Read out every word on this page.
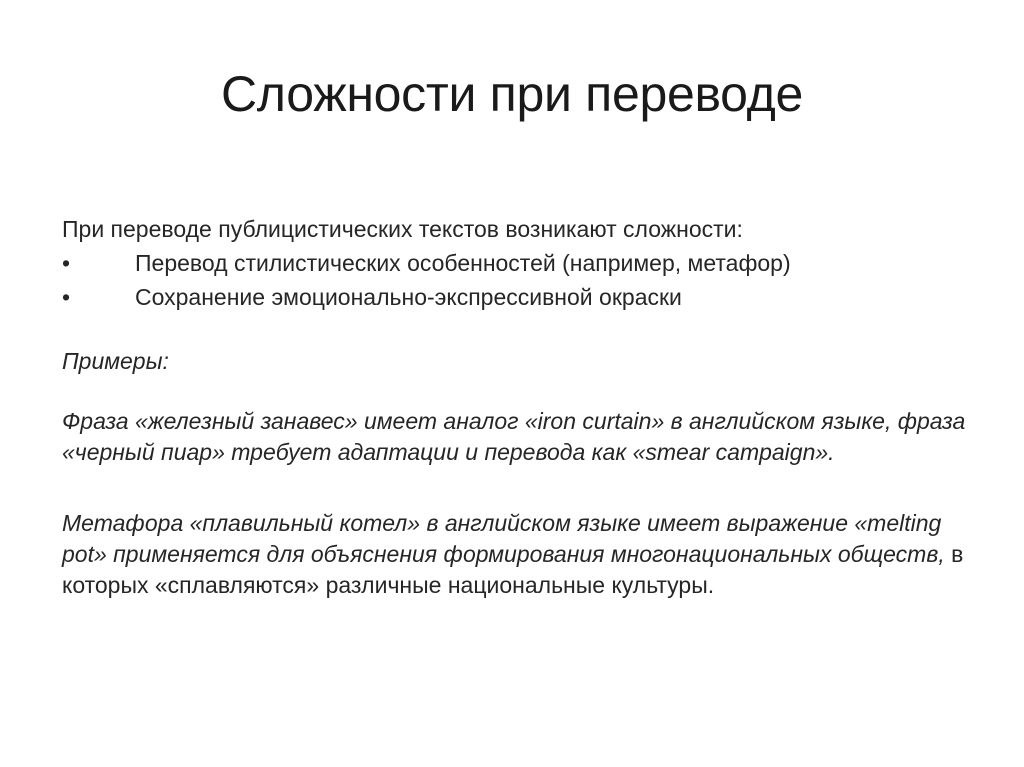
Сложности при переводе

При переводе публицистических текстов возникают сложности:

•	Перевод стилистических особенностей (например, метафор)
•	Сохранение эмоционально-экспрессивной окраски

Примеры:

Фраза «железный занавес» имеет аналог «iron curtain» в английском языке, фраза «черный пиар» требует адаптации и перевода как «smear campaign».

Метафора «плавильный котел» в английском языке имеет выражение «melting pot» применяется для объяснения формирования многонациональных обществ, в которых «сплавляются» различные национальные культуры.
